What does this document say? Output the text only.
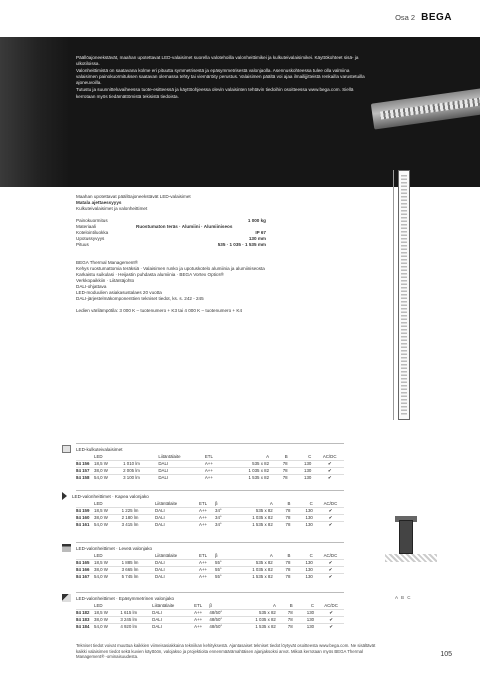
Osa 2 BEGA

Päällöajoneekstävät, maahan upotettavat LED-valaisimet suorella valotehoilla valonheittimikei ja kulkuteivalaisimikei. Käyttökohteet sisä- ja ulkotiloissa.

Valonheittimistä on saatavana kolme eri pituutta symmetrisestä ja epäsymmetrisestä valonjaolla. Asennuskohteessa tulee olla valmiina valaisimen painokuormituksen saatavan olemassa tehty tai viemäröity perustus. Valaisimen päältä voi ajaa ilmailijjitteistä renkailla varustetuilla ajoneuvoilla.

Tutustu ja suunnitteluvaiheessa tuote-esitteessä ja käyttöohjeessa olevin valaisinten tehtävin tiedoihin osoitteessa www.bega.com. Siellä kerrotaan myös tiedämättömistä tekisistä tiedoista.

Maahan upotettavat päällöajoneekstävät LED-valaisimet
Matala ajettaessyyys
Kulkuteivalaisimet ja valonheittimet
Painokuormitus	1 000 kg
Materiaali	Ruostumaton teräs · Alumiini · Alumiiniseos
Kotelointiluokka	IP 67
Upotussyvyys	130 mm
Pituus	535 · 1 035 · 1 535 mm
BEGA Thermal Management®
Kehys ruostumattomia teräksiä · Valaisimen runko ja upotuskotelo alumiinia ja alumiiniseosta
Karkaistu suikulasi · Heijastin puhdasta alumiinia · BEGA Vortex Optics®
Verkkopaikkiin · Liitäntäjohto
DALI-ohjattava
LED-moduulien asiakasustalaes 20 vuotta
DALI-järjestelmäkomponenttien tekniset tiedot, ks. s. 242 - 245
Ledien värilämpötila: 3 000 K – tuotenumero + K3 tai 4 000 K – tuotenumero + K4
A B C
LED-kulkuteivalaisimet
	LED		Liitäntälaite	ETL		A	B	C	AC/DC
84 156	18,5 W	1 010 lm	DALI	A++		535 x 82	78	130	✔
84 157	38,0 W	2 005 lm	DALI	A++		1 035 x 82	78	130	✔
84 158	54,0 W	3 100 lm	DALI	A++		1 535 x 82	78	130	✔
LED-valonheittimet · Kapea valonjako
	LED		Liitäntälaite	ETL	β	A	B	C	AC/DC
84 159	18,5 W	1 225 lm	DALI	A++	34°	535 x 82	78	130	✔
84 160	38,0 W	2 180 lm	DALI	A++	34°	1 035 x 82	78	130	✔
84 161	54,0 W	3 415 lm	DALI	A++	34°	1 535 x 82	78	130	✔
LED-valonheittimet · Leveä valonjako
	LED		Liitäntälaite	ETL	β	A	B	C	AC/DC
84 165	18,5 W	1 885 lm	DALI	A++	55°	535 x 82	78	130	✔
84 166	38,0 W	3 665 lm	DALI	A++	55°	1 035 x 82	78	130	✔
84 167	54,0 W	5 745 lm	DALI	A++	55°	1 535 x 82	78	130	✔
LED-valonheittimet · Epäsymmetrinen valonjako
	LED		Liitäntälaite	ETL	β	A	B	C	AC/DC
84 182	18,5 W	1 615 lm	DALI	A++	48/50°	535 x 82	78	130	✔
84 183	38,0 W	3 245 lm	DALI	A++	48/50°	1 035 x 82	78	130	✔
84 184	54,0 W	4 920 lm	DALI	A++	48/50°	1 535 x 82	78	130	✔
Tekniset tiedot voivat muuttua kaikkien viimeisasiakkaina tekniikan kehityksestä. Ajantasaiset tekniset tiedot löytyvät osoitteesta www.bega.com. Ne sisältävät kaikki valaisimen tiedot sekä kuvien käyttöön, valojakso ja projektioita ennenmäärämahtäisen ajanjaksoksi arvot. Mikoä kerrotaan myös BEGA Thermal Management® -ominaisuudesta.	105
